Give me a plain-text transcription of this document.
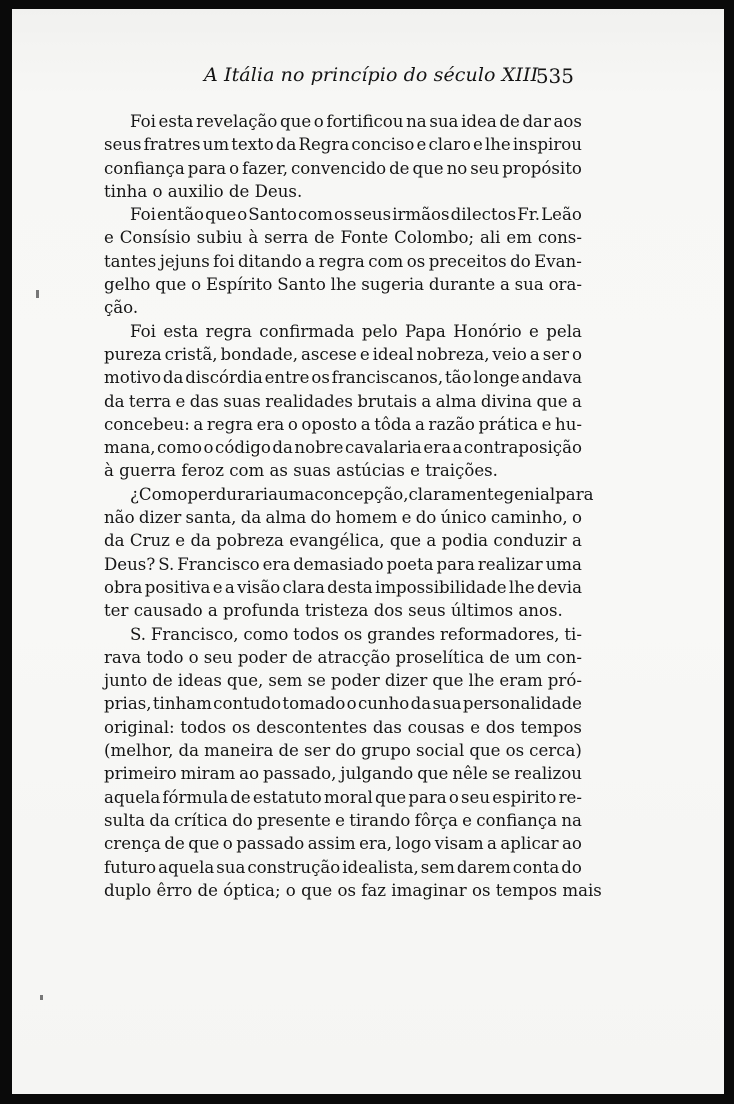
A Itália no princípio do século XIII
535
Foi esta revelação que o fortificou na sua idea de dar aos
seus fratres um texto da Regra conciso e claro e lhe inspirou
confiança para o fazer, convencido de que no seu propósito
tinha o auxilio de Deus.
Foi então que o Santo com os seus irmãos dilectos Fr. Leão
e Consísio subiu à serra de Fonte Colombo; ali em cons-
tantes jejuns foi ditando a regra com os preceitos do Evan-
gelho que o Espírito Santo lhe sugeria durante a sua ora-
ção.
Foi esta regra confirmada pelo Papa Honório e pela
pureza cristã, bondade, ascese e ideal nobreza, veio a ser o
motivo da discórdia entre os franciscanos, tão longe andava
da terra e das suas realidades brutais a alma divina que a
concebeu: a regra era o oposto a tôda a razão prática e hu-
mana, como o código da nobre cavalaria era a contraposição
à guerra feroz com as suas astúcias e traições.
¿ Como perduraria uma concepção, claramente genial para
não dizer santa, da alma do homem e do único caminho, o
da Cruz e da pobreza evangélica, que a podia conduzir a
Deus? S. Francisco era demasiado poeta para realizar uma
obra positiva e a visão clara desta impossibilidade lhe devia
ter causado a profunda tristeza dos seus últimos anos.
S. Francisco, como todos os grandes reformadores, ti-
rava todo o seu poder de atracção proselítica de um con-
junto de ideas que, sem se poder dizer que lhe eram pró-
prias, tinham contudo tomado o cunho da sua personalidade
original: todos os descontentes das cousas e dos tempos
(melhor, da maneira de ser do grupo social que os cerca)
primeiro miram ao passado, julgando que nêle se realizou
aquela fórmula de estatuto moral que para o seu espirito re-
sulta da crítica do presente e tirando fôrça e confiança na
crença de que o passado assim era, logo visam a aplicar ao
futuro aquela sua construção idealista, sem darem conta do
duplo êrro de óptica; o que os faz imaginar os tempos mais
